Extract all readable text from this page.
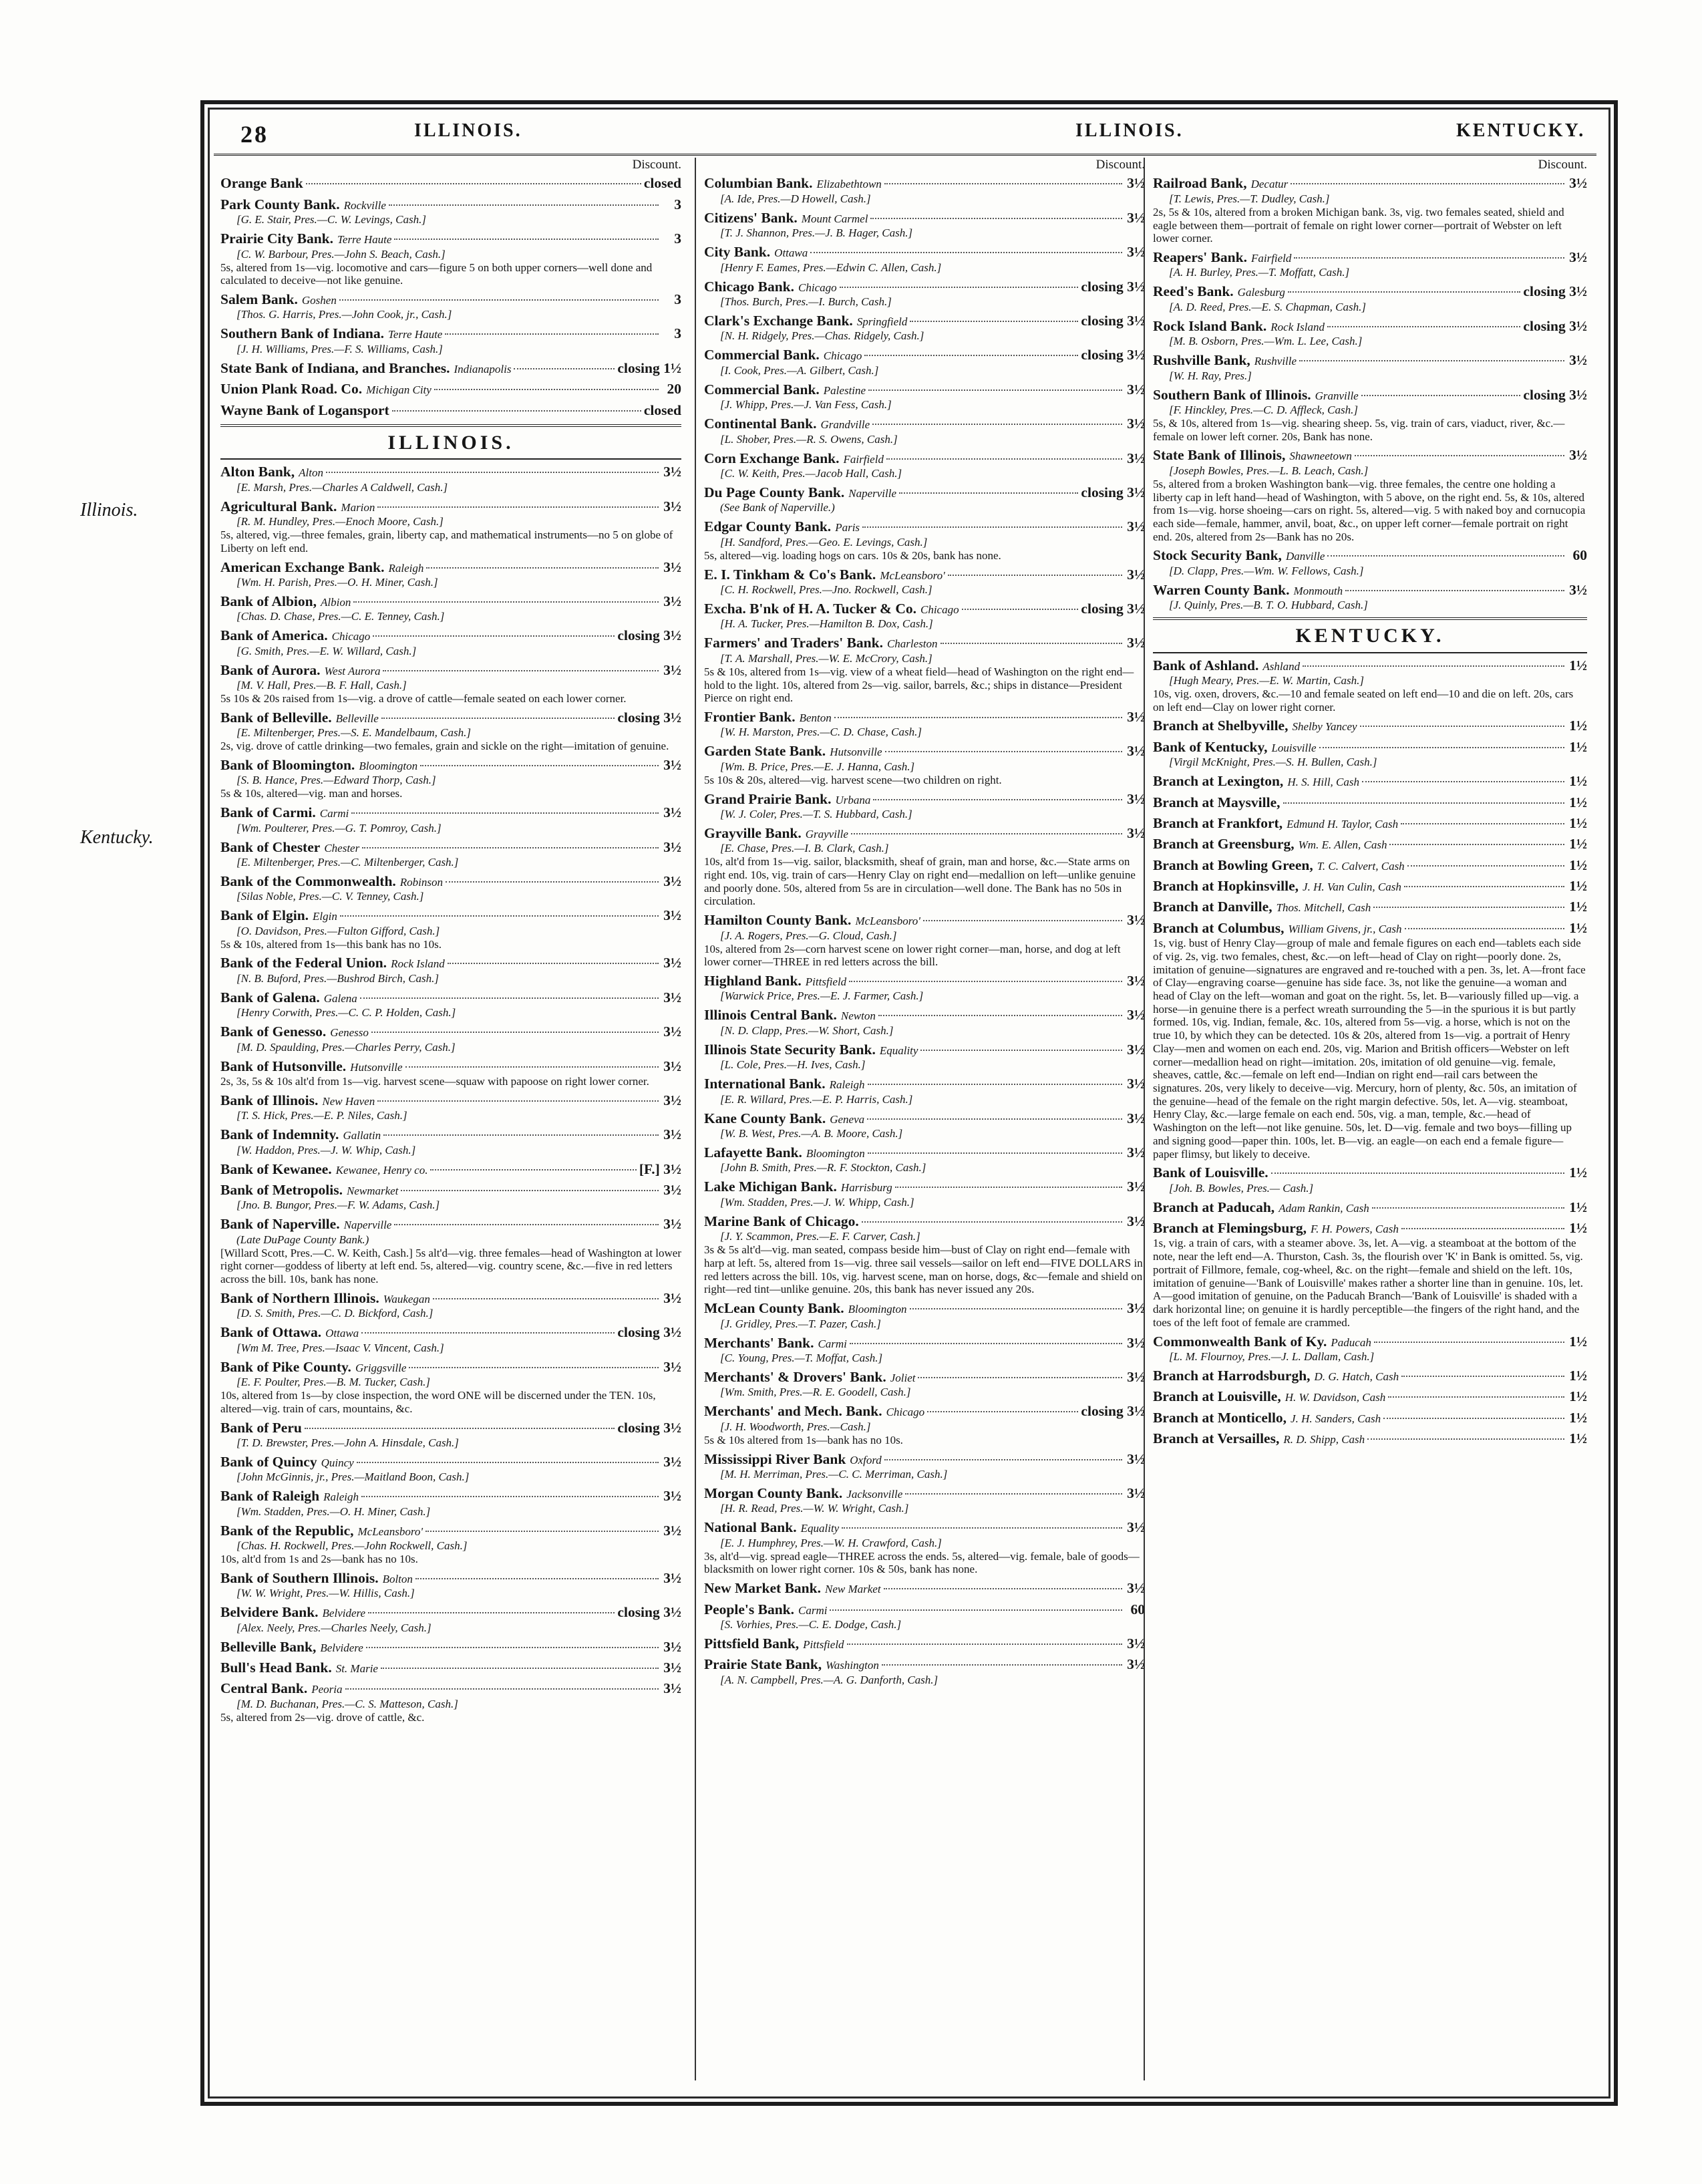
Illinois.
Kentucky.
28	ILLINOIS.	ILLINOIS.	KENTUCKY.
Discount.
Orange Bank	closed
Park County Bank. Rockville	3
[G. E. Stair, Pres.—C. W. Levings, Cash.]
Prairie City Bank. Terre Haute	3
[C. W. Barbour, Pres.—John S. Beach, Cash.]
5s, altered from 1s—vig. locomotive and cars—figure 5 on both upper corners—well done and calculated to deceive—not like genuine.
Salem Bank. Goshen	3
[Thos. G. Harris, Pres.—John Cook, jr., Cash.]
Southern Bank of Indiana. Terre Haute	3
[J. H. Williams, Pres.—F. S. Williams, Cash.]
State Bank of Indiana, and Branches. Indianapolis	closing 1½
Union Plank Road. Co. Michigan City	20
Wayne Bank of Logansport	closed
ILLINOIS.
Alton Bank, Alton	3½
[E. Marsh, Pres.—Charles A Caldwell, Cash.]
Agricultural Bank. Marion	3½
[R. M. Hundley, Pres.—Enoch Moore, Cash.]
5s, altered, vig.—three females, grain, liberty cap, and mathematical instruments—no 5 on globe of Liberty on left end.
American Exchange Bank. Raleigh	3½
[Wm. H. Parish, Pres.—O. H. Miner, Cash.]
Bank of Albion, Albion	3½
[Chas. D. Chase, Pres.—C. E. Tenney, Cash.]
Bank of America. Chicago	closing 3½
[G. Smith, Pres.—E. W. Willard, Cash.]
Bank of Aurora. West Aurora	3½
[M. V. Hall, Pres.—B. F. Hall, Cash.]
5s 10s & 20s raised from 1s—vig. a drove of cattle—female seated on each lower corner.
Bank of Belleville. Belleville	closing 3½
[E. Miltenberger, Pres.—S. E. Mandelbaum, Cash.]
2s, vig. drove of cattle drinking—two females, grain and sickle on the right—imitation of genuine.
Bank of Bloomington. Bloomington	3½
[S. B. Hance, Pres.—Edward Thorp, Cash.]
5s & 10s, altered—vig. man and horses.
Bank of Carmi. Carmi	3½
[Wm. Poulterer, Pres.—G. T. Pomroy, Cash.]
Bank of Chester Chester	3½
[E. Miltenberger, Pres.—C. Miltenberger, Cash.]
Bank of the Commonwealth. Robinson	3½
[Silas Noble, Pres.—C. V. Tenney, Cash.]
Bank of Elgin. Elgin	3½
[O. Davidson, Pres.—Fulton Gifford, Cash.]
5s & 10s, altered from 1s—this bank has no 10s.
Bank of the Federal Union. Rock Island	3½
[N. B. Buford, Pres.—Bushrod Birch, Cash.]
Bank of Galena. Galena	3½
[Henry Corwith, Pres.—C. C. P. Holden, Cash.]
Bank of Genesso. Genesso	3½
[M. D. Spaulding, Pres.—Charles Perry, Cash.]
Bank of Hutsonville. Hutsonville	3½
2s, 3s, 5s & 10s alt'd from 1s—vig. harvest scene—squaw with papoose on right lower corner.
Bank of Illinois. New Haven	3½
[T. S. Hick, Pres.—E. P. Niles, Cash.]
Bank of Indemnity. Gallatin	3½
[W. Haddon, Pres.—J. W. Whip, Cash.]
Bank of Kewanee. Kewanee, Henry co.	[F.] 3½
Bank of Metropolis. Newmarket	3½
[Jno. B. Bungor, Pres.—F. W. Adams, Cash.]
Bank of Naperville. Naperville	3½
(Late DuPage County Bank.)
[Willard Scott, Pres.—C. W. Keith, Cash.] 5s alt'd—vig. three females—head of Washington at lower right corner—goddess of liberty at left end. 5s, altered—vig. country scene, &c.—five in red letters across the bill. 10s, bank has none.
Bank of Northern Illinois. Waukegan	3½
[D. S. Smith, Pres.—C. D. Bickford, Cash.]
Bank of Ottawa. Ottawa	closing 3½
[Wm M. Tree, Pres.—Isaac V. Vincent, Cash.]
Bank of Pike County. Griggsville	3½
[E. F. Poulter, Pres.—B. M. Tucker, Cash.]
10s, altered from 1s—by close inspection, the word ONE will be discerned under the TEN. 10s, altered—vig. train of cars, mountains, &c.
Bank of Peru	closing 3½
[T. D. Brewster, Pres.—John A. Hinsdale, Cash.]
Bank of Quincy Quincy	3½
[John McGinnis, jr., Pres.—Maitland Boon, Cash.]
Bank of Raleigh Raleigh	3½
[Wm. Stadden, Pres.—O. H. Miner, Cash.]
Bank of the Republic, McLeansboro'	3½
[Chas. H. Rockwell, Pres.—John Rockwell, Cash.]
10s, alt'd from 1s and 2s—bank has no 10s.
Bank of Southern Illinois. Bolton	3½
[W. W. Wright, Pres.—W. Hillis, Cash.]
Belvidere Bank. Belvidere	closing 3½
[Alex. Neely, Pres.—Charles Neely, Cash.]
Belleville Bank, Belvidere	3½
Bull's Head Bank. St. Marie	3½
Central Bank. Peoria	3½
[M. D. Buchanan, Pres.—C. S. Matteson, Cash.]
5s, altered from 2s—vig. drove of cattle, &c.
Discount.
Columbian Bank. Elizabethtown	3½
[A. Ide, Pres.—D Howell, Cash.]
Citizens' Bank. Mount Carmel	3½
[T. J. Shannon, Pres.—J. B. Hager, Cash.]
City Bank. Ottawa	3½
[Henry F. Eames, Pres.—Edwin C. Allen, Cash.]
Chicago Bank. Chicago	closing 3½
[Thos. Burch, Pres.—I. Burch, Cash.]
Clark's Exchange Bank. Springfield	closing 3½
[N. H. Ridgely, Pres.—Chas. Ridgely, Cash.]
Commercial Bank. Chicago	closing 3½
[I. Cook, Pres.—A. Gilbert, Cash.]
Commercial Bank. Palestine	3½
[J. Whipp, Pres.—J. Van Fess, Cash.]
Continental Bank. Grandville	3½
[L. Shober, Pres.—R. S. Owens, Cash.]
Corn Exchange Bank. Fairfield	3½
[C. W. Keith, Pres.—Jacob Hall, Cash.]
Du Page County Bank. Naperville	closing 3½
(See Bank of Naperville.)
Edgar County Bank. Paris	3½
[H. Sandford, Pres.—Geo. E. Levings, Cash.]
5s, altered—vig. loading hogs on cars. 10s & 20s, bank has none.
E. I. Tinkham & Co's Bank. McLeansboro'	3½
[C. H. Rockwell, Pres.—Jno. Rockwell, Cash.]
Excha. B'nk of H. A. Tucker & Co. Chicago	closing 3½
[H. A. Tucker, Pres.—Hamilton B. Dox, Cash.]
Farmers' and Traders' Bank. Charleston	3½
[T. A. Marshall, Pres.—W. E. McCrory, Cash.]
5s & 10s, altered from 1s—vig. view of a wheat field—head of Washington on the right end—hold to the light. 10s, altered from 2s—vig. sailor, barrels, &c.; ships in distance—President Pierce on right end.
Frontier Bank. Benton	3½
[W. H. Marston, Pres.—C. D. Chase, Cash.]
Garden State Bank. Hutsonville	3½
[Wm. B. Price, Pres.—E. J. Hanna, Cash.]
5s 10s & 20s, altered—vig. harvest scene—two children on right.
Grand Prairie Bank. Urbana	3½
[W. J. Coler, Pres.—T. S. Hubbard, Cash.]
Grayville Bank. Grayville	3½
[E. Chase, Pres.—I. B. Clark, Cash.]
10s, alt'd from 1s—vig. sailor, blacksmith, sheaf of grain, man and horse, &c.—State arms on right end. 10s, vig. train of cars—Henry Clay on right end—medallion on left—unlike genuine and poorly done. 50s, altered from 5s are in circulation—well done. The Bank has no 50s in circulation.
Hamilton County Bank. McLeansboro'	3½
[J. A. Rogers, Pres.—G. Cloud, Cash.]
10s, altered from 2s—corn harvest scene on lower right corner—man, horse, and dog at left lower corner—THREE in red letters across the bill.
Highland Bank. Pittsfield	3½
[Warwick Price, Pres.—E. J. Farmer, Cash.]
Illinois Central Bank. Newton	3½
[N. D. Clapp, Pres.—W. Short, Cash.]
Illinois State Security Bank. Equality	3½
[L. Cole, Pres.—H. Ives, Cash.]
International Bank. Raleigh	3½
[E. R. Willard, Pres.—E. P. Harris, Cash.]
Kane County Bank. Geneva	3½
[W. B. West, Pres.—A. B. Moore, Cash.]
Lafayette Bank. Bloomington	3½
[John B. Smith, Pres.—R. F. Stockton, Cash.]
Lake Michigan Bank. Harrisburg	3½
[Wm. Stadden, Pres.—J. W. Whipp, Cash.]
Marine Bank of Chicago.	3½
[J. Y. Scammon, Pres.—E. F. Carver, Cash.]
3s & 5s alt'd—vig. man seated, compass beside him—bust of Clay on right end—female with harp at left. 5s, altered from 1s—vig. three sail vessels—sailor on left end—FIVE DOLLARS in red letters across the bill. 10s, vig. harvest scene, man on horse, dogs, &c—female and shield on right—red tint—unlike genuine. 20s, this bank has never issued any 20s.
McLean County Bank. Bloomington	3½
[J. Gridley, Pres.—T. Pazer, Cash.]
Merchants' Bank. Carmi	3½
[C. Young, Pres.—T. Moffat, Cash.]
Merchants' & Drovers' Bank. Joliet	3½
[Wm. Smith, Pres.—R. E. Goodell, Cash.]
Merchants' and Mech. Bank. Chicago	closing 3½
[J. H. Woodworth, Pres.—Cash.]
5s & 10s altered from 1s—bank has no 10s.
Mississippi River Bank Oxford	3½
[M. H. Merriman, Pres.—C. C. Merriman, Cash.]
Morgan County Bank. Jacksonville	3½
[H. R. Read, Pres.—W. W. Wright, Cash.]
National Bank. Equality	3½
[E. J. Humphrey, Pres.—W. H. Crawford, Cash.]
3s, alt'd—vig. spread eagle—THREE across the ends. 5s, altered—vig. female, bale of goods—blacksmith on lower right corner. 10s & 50s, bank has none.
New Market Bank. New Market	3½
People's Bank. Carmi	60
[S. Vorhies, Pres.—C. E. Dodge, Cash.]
Pittsfield Bank, Pittsfield	3½
Prairie State Bank, Washington	3½
[A. N. Campbell, Pres.—A. G. Danforth, Cash.]
Discount.
Railroad Bank, Decatur	3½
[T. Lewis, Pres.—T. Dudley, Cash.]
2s, 5s & 10s, altered from a broken Michigan bank. 3s, vig. two females seated, shield and eagle between them—portrait of female on right lower corner—portrait of Webster on left lower corner.
Reapers' Bank. Fairfield	3½
[A. H. Burley, Pres.—T. Moffatt, Cash.]
Reed's Bank. Galesburg	closing 3½
[A. D. Reed, Pres.—E. S. Chapman, Cash.]
Rock Island Bank. Rock Island	closing 3½
[M. B. Osborn, Pres.—Wm. L. Lee, Cash.]
Rushville Bank, Rushville	3½
[W. H. Ray, Pres.]
Southern Bank of Illinois. Granville	closing 3½
[F. Hinckley, Pres.—C. D. Affleck, Cash.]
5s, & 10s, altered from 1s—vig. shearing sheep. 5s, vig. train of cars, viaduct, river, &c.—female on lower left corner. 20s, Bank has none.
State Bank of Illinois, Shawneetown	3½
[Joseph Bowles, Pres.—L. B. Leach, Cash.]
5s, altered from a broken Washington bank—vig. three females, the centre one holding a liberty cap in left hand—head of Washington, with 5 above, on the right end. 5s, & 10s, altered from 1s—vig. horse shoeing—cars on right. 5s, altered—vig. 5 with naked boy and cornucopia each side—female, hammer, anvil, boat, &c., on upper left corner—female portrait on right end. 20s, altered from 2s—Bank has no 20s.
Stock Security Bank, Danville	60
[D. Clapp, Pres.—Wm. W. Fellows, Cash.]
Warren County Bank. Monmouth	3½
[J. Quinly, Pres.—B. T. O. Hubbard, Cash.]
KENTUCKY.
Bank of Ashland. Ashland	1½
[Hugh Meary, Pres.—E. W. Martin, Cash.]
10s, vig. oxen, drovers, &c.—10 and female seated on left end—10 and die on left. 20s, cars on left end—Clay on lower right corner.
Branch at Shelbyville, Shelby Yancey	1½
Bank of Kentucky, Louisville	1½
[Virgil McKnight, Pres.—S. H. Bullen, Cash.]
Branch at Lexington, H. S. Hill, Cash	1½
Branch at Maysville,	1½
Branch at Frankfort, Edmund H. Taylor, Cash	1½
Branch at Greensburg, Wm. E. Allen, Cash	1½
Branch at Bowling Green, T. C. Calvert, Cash	1½
Branch at Hopkinsville, J. H. Van Culin, Cash	1½
Branch at Danville, Thos. Mitchell, Cash	1½
Branch at Columbus, William Givens, jr., Cash	1½
1s, vig. bust of Henry Clay—group of male and female figures on each end—tablets each side of vig. 2s, vig. two females, chest, &c.—on left—head of Clay on right—poorly done. 2s, imitation of genuine—signatures are engraved and re-touched with a pen. 3s, let. A—front face of Clay—engraving coarse—genuine has side face. 3s, not like the genuine—a woman and head of Clay on the left—woman and goat on the right. 5s, let. B—variously filled up—vig. a horse—in genuine there is a perfect wreath surrounding the 5—in the spurious it is but partly formed. 10s, vig. Indian, female, &c. 10s, altered from 5s—vig. a horse, which is not on the true 10, by which they can be detected. 10s & 20s, altered from 1s—vig. a portrait of Henry Clay—men and women on each end. 20s, vig. Marion and British officers—Webster on left corner—medallion head on right—imitation. 20s, imitation of old genuine—vig. female, sheaves, cattle, &c.—female on left end—Indian on right end—rail cars between the signatures. 20s, very likely to deceive—vig. Mercury, horn of plenty, &c. 50s, an imitation of the genuine—head of the female on the right margin defective. 50s, let. A—vig. steamboat, Henry Clay, &c.—large female on each end. 50s, vig. a man, temple, &c.—head of Washington on the left—not like genuine. 50s, let. D—vig. female and two boys—filling up and signing good—paper thin. 100s, let. B—vig. an eagle—on each end a female figure—paper flimsy, but likely to deceive.
Bank of Louisville.	1½
[Joh. B. Bowles, Pres.— Cash.]
Branch at Paducah, Adam Rankin, Cash	1½
Branch at Flemingsburg, F. H. Powers, Cash	1½
1s, vig. a train of cars, with a steamer above. 3s, let. A—vig. a steamboat at the bottom of the note, near the left end—A. Thurston, Cash. 3s, the flourish over 'K' in Bank is omitted. 5s, vig. portrait of Fillmore, female, cog-wheel, &c. on the right—female and shield on the left. 10s, imitation of genuine—'Bank of Louisville' makes rather a shorter line than in genuine. 10s, let. A—good imitation of genuine, on the Paducah Branch—'Bank of Louisville' is shaded with a dark horizontal line; on genuine it is hardly perceptible—the fingers of the right hand, and the toes of the left foot of female are crammed.
Commonwealth Bank of Ky. Paducah	1½
[L. M. Flournoy, Pres.—J. L. Dallam, Cash.]
Branch at Harrodsburgh, D. G. Hatch, Cash	1½
Branch at Louisville, H. W. Davidson, Cash	1½
Branch at Monticello, J. H. Sanders, Cash	1½
Branch at Versailles, R. D. Shipp, Cash	1½
